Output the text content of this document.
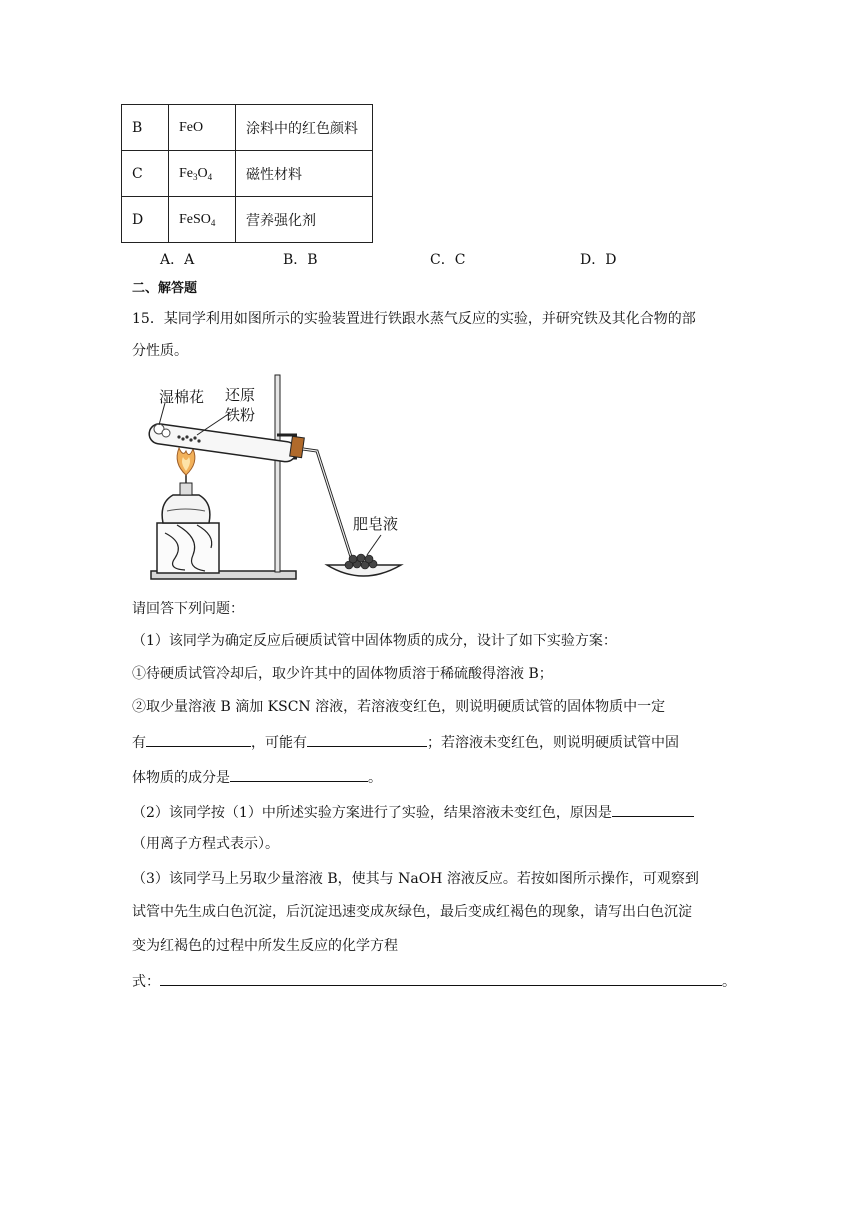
B	FeO	涂料中的红色颜料
C	$Fe_3O_4$	磁性材料
D	FeSO$_4$	营养强化剂
A．A	B．B	C．C	D．D
二、解答题
15．某同学利用如图所示的实验装置进行铁跟水蒸气反应的实验，并研究铁及其化合物的部
分性质。
湿棉花 还原
铁粉
肥皂液
请回答下列问题：
（1）该同学为确定反应后硬质试管中固体物质的成分，设计了如下实验方案：
①待硬质试管冷却后，取少许其中的固体物质溶于稀硫酸得溶液 B；
②取少量溶液 B 滴加 KSCN 溶液，若溶液变红色，则说明硬质试管的固体物质中一定
有	，可能有	；若溶液未变红色，则说明硬质试管中固
体物质的成分是	。
（2）该同学按（1）中所述实验方案进行了实验，结果溶液未变红色，原因是
（用离子方程式表示）。
（3）该同学马上另取少量溶液 B，使其与 NaOH 溶液反应。若按如图所示操作，可观察到
试管中先生成白色沉淀，后沉淀迅速变成灰绿色，最后变成红褐色的现象，请写出白色沉淀
变为红褐色的过程中所发生反应的化学方程
式：	。
